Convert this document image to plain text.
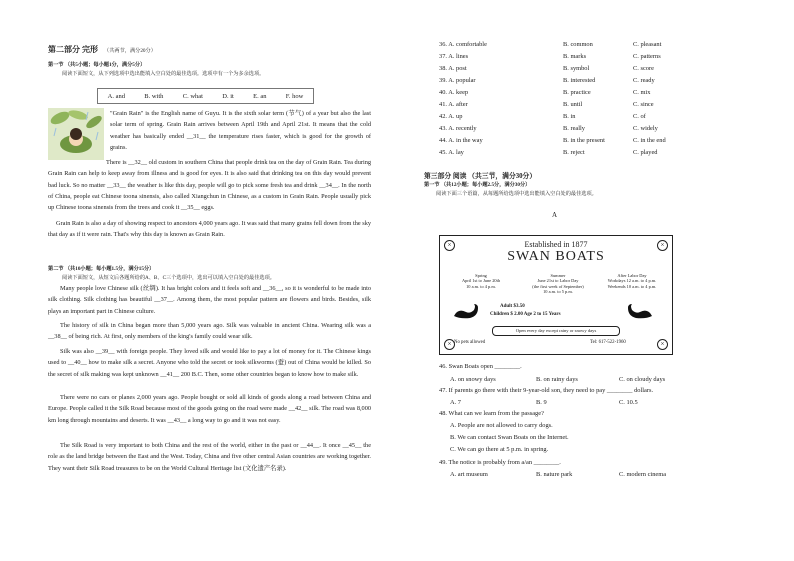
第二部分 完形 （共两节，满分20分）
第一节 （共5小题；每小题1分，满分5分）
阅读下面短文，从下列选项中选出能填入空白处的最佳选项。选项中有一个为多余选项。
A. and	B. with	C. what	D. it	E. an	F. how
"Grain Rain" is the English name of Guyu. It is the sixth solar term (节气) of a year but also the last solar term of spring. Grain Rain arrives between April 19th and April 21st. It means that the cold weather has basically ended __31__ the temperature rises faster, which is good for the growth of grains.
There is __32__ old custom in southern China that people drink tea on the day of Grain Rain. Tea during Grain Rain can help to keep away from illness and is good for eyes. It is also said that drinking tea on this day would prevent bad luck. So no matter __33__ the weather is like this day, people will go to pick some fresh tea and drink __34__. In the north of China, people eat Chinese toona sinensis, also called Xiangchun in Chinese, as a custom in Grain Rain. People usually pick up Chinese toona sinensis from the trees and cook it __35__ eggs.
Grain Rain is also a day of showing respect to ancestors 4,000 years ago. It was said that many grains fell down from the sky that day as if it were rain. That's why this day is known as Grain Rain.
第二节 （共10小题；每小题1.5分，满分15分）
阅读下面短文，从短文后各题所给的A、B、C三个选项中，选出可以填入空白处的最佳选项。
Many people love Chinese silk (丝绸). It has bright colors and it feels soft and __36__, so it is wonderful to be made into silk clothing. Silk clothing has beautiful __37__. Among them, the most popular pattern are flowers and birds. Besides, silk plays an important part in Chinese culture.
The history of silk in China began more than 5,000 years ago. Silk was valuable in ancient China. Wearing silk was a __38__ of being rich. At first, only members of the king's family could wear silk.
Silk was also __39__ with foreign people. They loved silk and would like to pay a lot of money for it. The Chinese kings used to __40__ how to make silk a secret. Anyone who told the secret or took silkworms (蚕) out of China would be killed. So the secret of silk making was kept unknown __41__ 200 B.C. Then, some other countries began to know how to make silk.
There were no cars or planes 2,000 years ago. People bought or sold all kinds of goods along a road between China and Europe. People called it the Silk Road because most of the goods going on the road were made __42__ silk. The road was 8,000 km long through mountains and deserts. It was __43__ a long way to go and it was not easy.
The Silk Road is very important to both China and the rest of the world, either in the past or __44__. It once __45__ the role as the land bridge between the East and the West. Today, China and five other central Asian countries are working together. They want their Silk Road treasures to be on the World Cultural Heritage list (文化遗产名录).
36. A. comfortable	B. common	C. pleasant
37. A. lines	B. marks	C. patterns
38. A. post	B. symbol	C. score
39. A. popular	B. interested	C. ready
40. A. keep	B. practice	C. mix
41. A. after	B. until	C. since
42. A. up	B. in	C. of
43. A. recently	B. really	C. widely
44. A. in the way	B. in the present	C. in the end
45. A. lay	B. reject	C. played
第三部分 阅读 （共三节，满分30分）
第一节 （共12小题；每小题2.5分，满分30分）
阅读下面三个语篇，从每题所给选项中选出能填入空白处的最佳选项。
A
×	×
×	×
Established in 1877
SWAN BOATS
Spring
April 1st to June 20th
10 a.m. to 4 p.m.
Summer
June 21st to Labor Day
(the first week of September)
10 a.m. to 5 p.m.
After Labor Day
Workdays 12 a.m. to 4 p.m.
Weekends 10 a.m. to 4 p.m.
Adult $3.50
Children $ 2.00 Age 2 to 15 Years
Open every day except rainy or snowy days
No pets allowed	Tel: 617-522-1960
46. Swan Boats open ________.
A. on snowy days	B. on rainy days	C. on cloudy days
47. If parents go there with their 9-year-old son, they need to pay ________ dollars.
A. 7	B. 9	C. 10.5
48. What can we learn from the passage?
A. People are not allowed to carry dogs.
B. We can contact Swan Boats on the Internet.
C. We can go there at 5 p.m. in spring.
49. The notice is probably from a/an ________.
A. art museum	B. nature park	C. modern cinema
